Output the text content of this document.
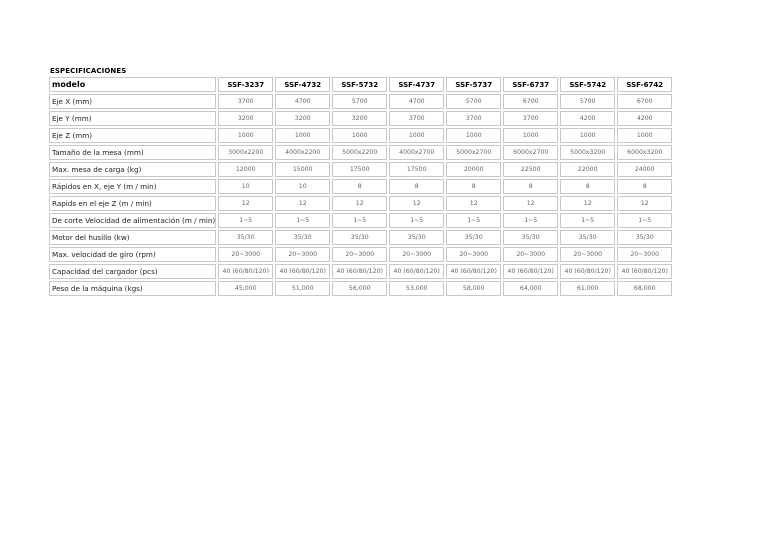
ESPECIFICACIONES
modelo	SSF-3237	SSF-4732	SSF-5732	SSF-4737	SSF-5737	SSF-6737	SSF-5742	SSF-6742
Eje X (mm)	3700	4700	5700	4700	5700	6700	5700	6700
Eje Y (mm)	3200	3200	3200	3700	3700	3700	4200	4200
Eje Z (mm)	1000	1000	1000	1000	1000	1000	1000	1000
Tamaño de la mesa (mm)	3000x2200	4000x2200	5000x2200	4000x2700	5000x2700	6000x2700	5000x3200	6000x3200
Max. mesa de carga (kg)	12000	15000	17500	17500	20000	22500	22000	24000
Rápidos en X, eje Y (m / min)	10	10	8	8	8	8	8	8
Rapids en el eje Z (m / min)	12	12	12	12	12	12	12	12
De corte Velocidad de alimentación (m / min)	1~5	1~5	1~5	1~5	1~5	1~5	1~5	1~5
Motor del husillo (kw)	35/30	35/30	35/30	35/30	35/30	35/30	35/30	35/30
Max. velocidad de giro (rpm)	20~3000	20~3000	20~3000	20~3000	20~3000	20~3000	20~3000	20~3000
Capacidad del cargador (pcs)	40 (60/80/120)	40 (60/80/120)	40 (60/80/120)	40 (60/80/120)	40 (60/80/120)	40 (60/80/120)	40 (60/80/120)	40 (60/80/120)
Peso de la máquina (kgs)	45,000	51,000	56,000	53,000	58,000	64,000	61,000	68,000
